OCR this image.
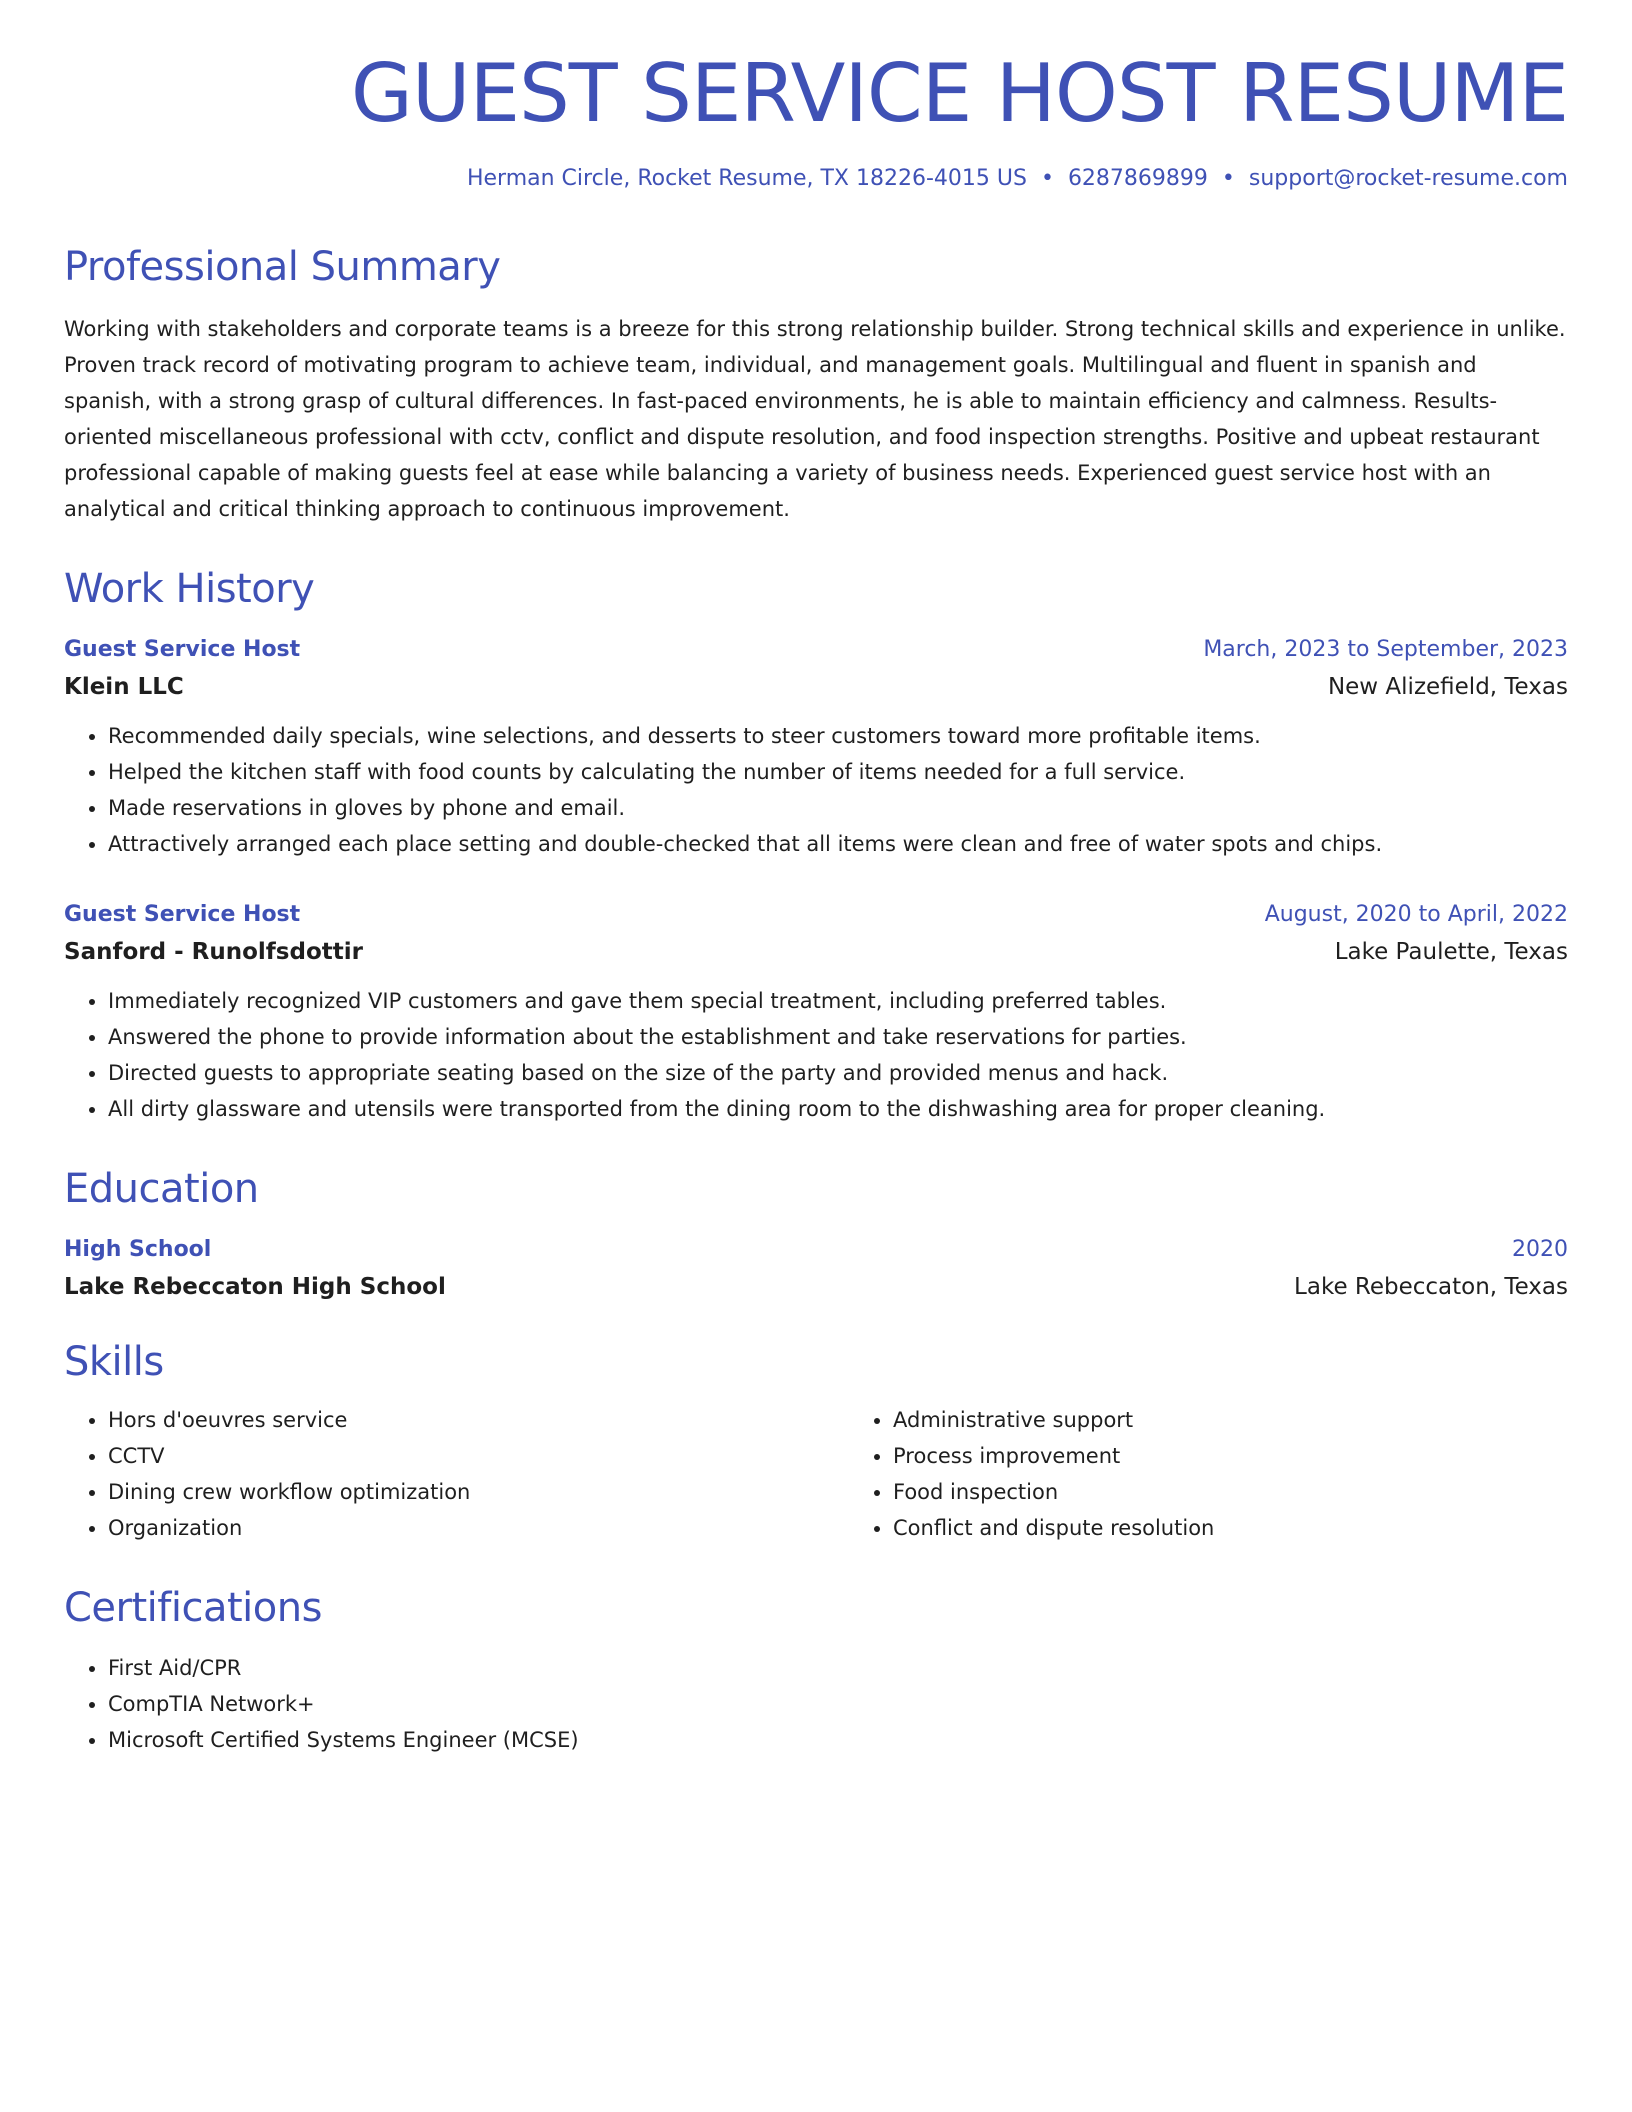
GUEST SERVICE HOST RESUME
Herman Circle, Rocket Resume, TX 18226-4015 US • 6287869899 • support@rocket-resume.com
Professional Summary
Working with stakeholders and corporate teams is a breeze for this strong relationship builder. Strong technical skills and experience in unlike. Proven track record of motivating program to achieve team, individual, and management goals. Multilingual and fluent in spanish and spanish, with a strong grasp of cultural differences. In fast-paced environments, he is able to maintain efficiency and calmness. Results-oriented miscellaneous professional with cctv, conflict and dispute resolution, and food inspection strengths. Positive and upbeat restaurant professional capable of making guests feel at ease while balancing a variety of business needs. Experienced guest service host with an analytical and critical thinking approach to continuous improvement.
Work History
Guest Service Host	March, 2023 to September, 2023
Klein LLC	New Alizefield, Texas
• Recommended daily specials, wine selections, and desserts to steer customers toward more profitable items.
• Helped the kitchen staff with food counts by calculating the number of items needed for a full service.
• Made reservations in gloves by phone and email.
• Attractively arranged each place setting and double-checked that all items were clean and free of water spots and chips.
Guest Service Host	August, 2020 to April, 2022
Sanford - Runolfsdottir	Lake Paulette, Texas
• Immediately recognized VIP customers and gave them special treatment, including preferred tables.
• Answered the phone to provide information about the establishment and take reservations for parties.
• Directed guests to appropriate seating based on the size of the party and provided menus and hack.
• All dirty glassware and utensils were transported from the dining room to the dishwashing area for proper cleaning.
Education
High School	2020
Lake Rebeccaton High School	Lake Rebeccaton, Texas
Skills
• Hors d'oeuvres service
• CCTV
• Dining crew workflow optimization
• Organization
• Administrative support
• Process improvement
• Food inspection
• Conflict and dispute resolution
Certifications
• First Aid/CPR
• CompTIA Network+
• Microsoft Certified Systems Engineer (MCSE)
